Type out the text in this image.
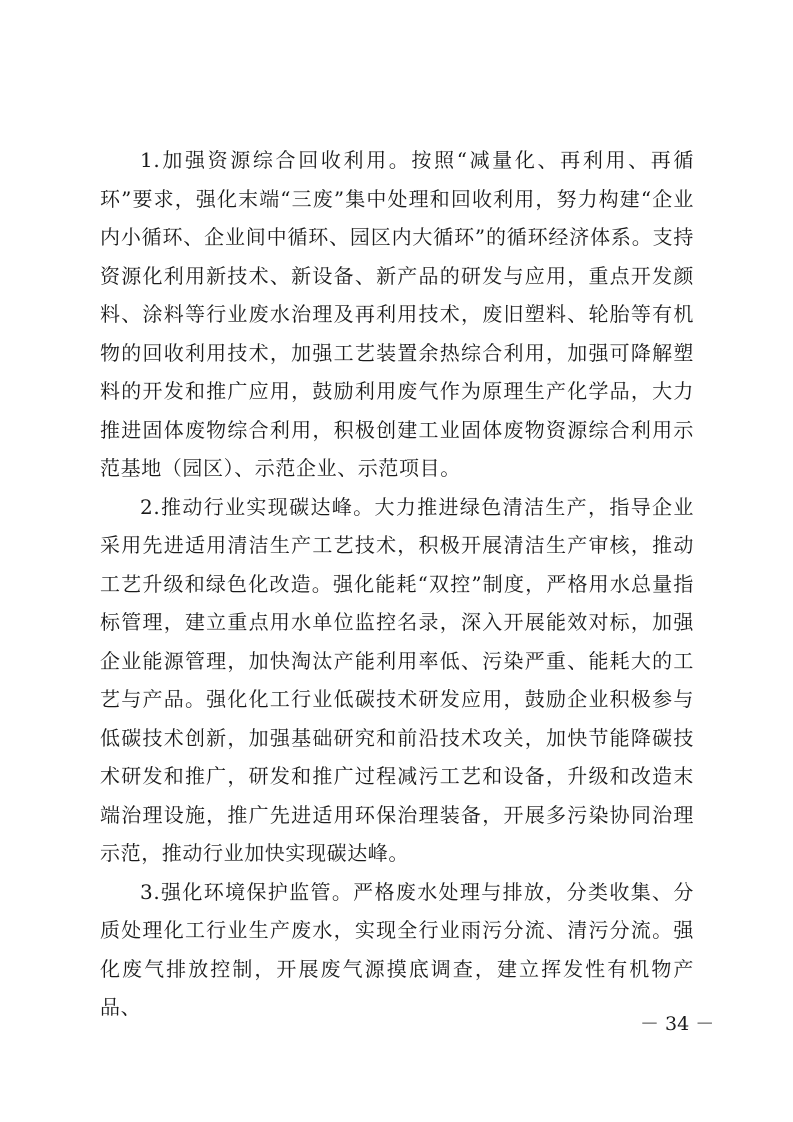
1.加强资源综合回收利用。按照“减量化、再利用、再循环”要求，强化末端“三废”集中处理和回收利用，努力构建“企业内小循环、企业间中循环、园区内大循环”的循环经济体系。支持资源化利用新技术、新设备、新产品的研发与应用，重点开发颜料、涂料等行业废水治理及再利用技术，废旧塑料、轮胎等有机物的回收利用技术，加强工艺装置余热综合利用，加强可降解塑料的开发和推广应用，鼓励利用废气作为原理生产化学品，大力推进固体废物综合利用，积极创建工业固体废物资源综合利用示范基地（园区）、示范企业、示范项目。

2.推动行业实现碳达峰。大力推进绿色清洁生产，指导企业采用先进适用清洁生产工艺技术，积极开展清洁生产审核，推动工艺升级和绿色化改造。强化能耗“双控”制度，严格用水总量指标管理，建立重点用水单位监控名录，深入开展能效对标，加强企业能源管理，加快淘汰产能利用率低、污染严重、能耗大的工艺与产品。强化化工行业低碳技术研发应用，鼓励企业积极参与低碳技术创新，加强基础研究和前沿技术攻关，加快节能降碳技术研发和推广，研发和推广过程减污工艺和设备，升级和改造末端治理设施，推广先进适用环保治理装备，开展多污染协同治理示范，推动行业加快实现碳达峰。

3.强化环境保护监管。严格废水处理与排放，分类收集、分质处理化工行业生产废水，实现全行业雨污分流、清污分流。强化废气排放控制，开展废气源摸底调查，建立挥发性有机物产品、

－ 34 －
